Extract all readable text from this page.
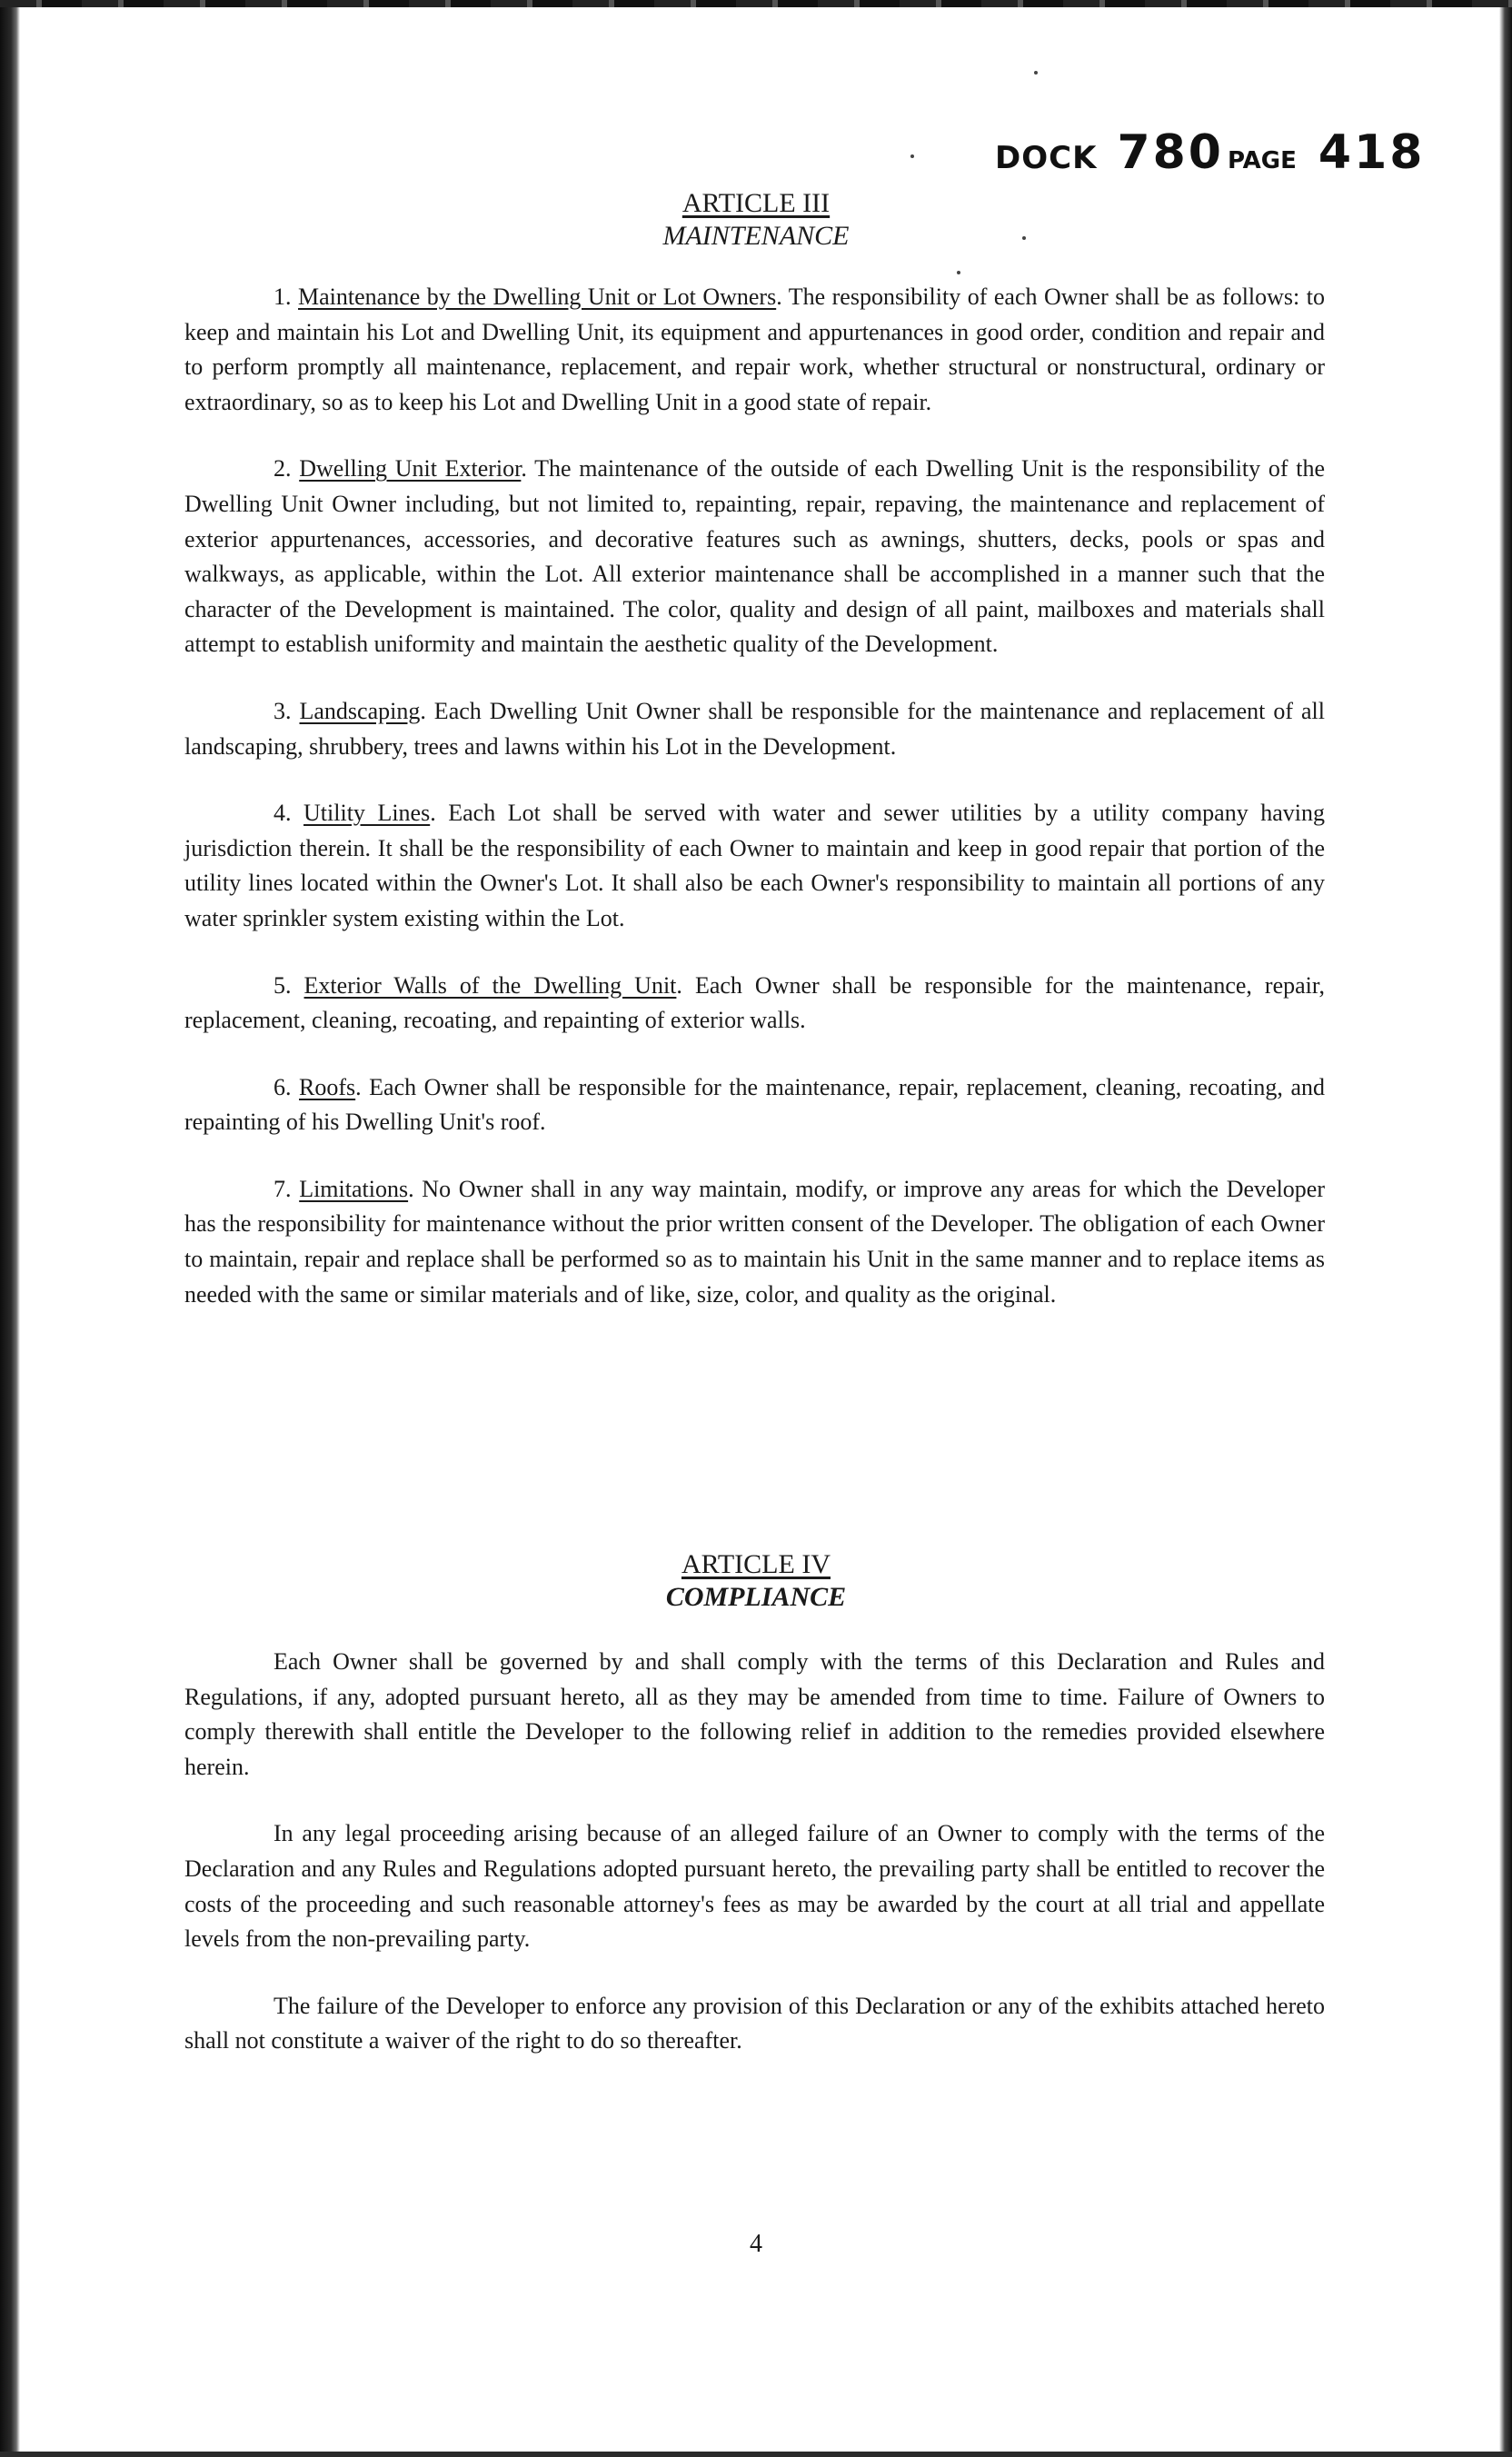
DOCK 780 PAGE 418
ARTICLE III
MAINTENANCE

1. Maintenance by the Dwelling Unit or Lot Owners. The responsibility of each Owner shall be as follows: to keep and maintain his Lot and Dwelling Unit, its equipment and appurtenances in good order, condition and repair and to perform promptly all maintenance, replacement, and repair work, whether structural or nonstructural, ordinary or extraordinary, so as to keep his Lot and Dwelling Unit in a good state of repair.

2. Dwelling Unit Exterior. The maintenance of the outside of each Dwelling Unit is the responsibility of the Dwelling Unit Owner including, but not limited to, repainting, repair, repaving, the maintenance and replacement of exterior appurtenances, accessories, and decorative features such as awnings, shutters, decks, pools or spas and walkways, as applicable, within the Lot. All exterior maintenance shall be accomplished in a manner such that the character of the Development is maintained. The color, quality and design of all paint, mailboxes and materials shall attempt to establish uniformity and maintain the aesthetic quality of the Development.

3. Landscaping. Each Dwelling Unit Owner shall be responsible for the maintenance and replacement of all landscaping, shrubbery, trees and lawns within his Lot in the Development.

4. Utility Lines. Each Lot shall be served with water and sewer utilities by a utility company having jurisdiction therein. It shall be the responsibility of each Owner to maintain and keep in good repair that portion of the utility lines located within the Owner's Lot. It shall also be each Owner's responsibility to maintain all portions of any water sprinkler system existing within the Lot.

5. Exterior Walls of the Dwelling Unit. Each Owner shall be responsible for the maintenance, repair, replacement, cleaning, recoating, and repainting of exterior walls.

6. Roofs. Each Owner shall be responsible for the maintenance, repair, replacement, cleaning, recoating, and repainting of his Dwelling Unit's roof.

7. Limitations. No Owner shall in any way maintain, modify, or improve any areas for which the Developer has the responsibility for maintenance without the prior written consent of the Developer. The obligation of each Owner to maintain, repair and replace shall be performed so as to maintain his Unit in the same manner and to replace items as needed with the same or similar materials and of like, size, color, and quality as the original.

ARTICLE IV
COMPLIANCE

Each Owner shall be governed by and shall comply with the terms of this Declaration and Rules and Regulations, if any, adopted pursuant hereto, all as they may be amended from time to time. Failure of Owners to comply therewith shall entitle the Developer to the following relief in addition to the remedies provided elsewhere herein.

In any legal proceeding arising because of an alleged failure of an Owner to comply with the terms of the Declaration and any Rules and Regulations adopted pursuant hereto, the prevailing party shall be entitled to recover the costs of the proceeding and such reasonable attorney's fees as may be awarded by the court at all trial and appellate levels from the non-prevailing party.

The failure of the Developer to enforce any provision of this Declaration or any of the exhibits attached hereto shall not constitute a waiver of the right to do so thereafter.

4
